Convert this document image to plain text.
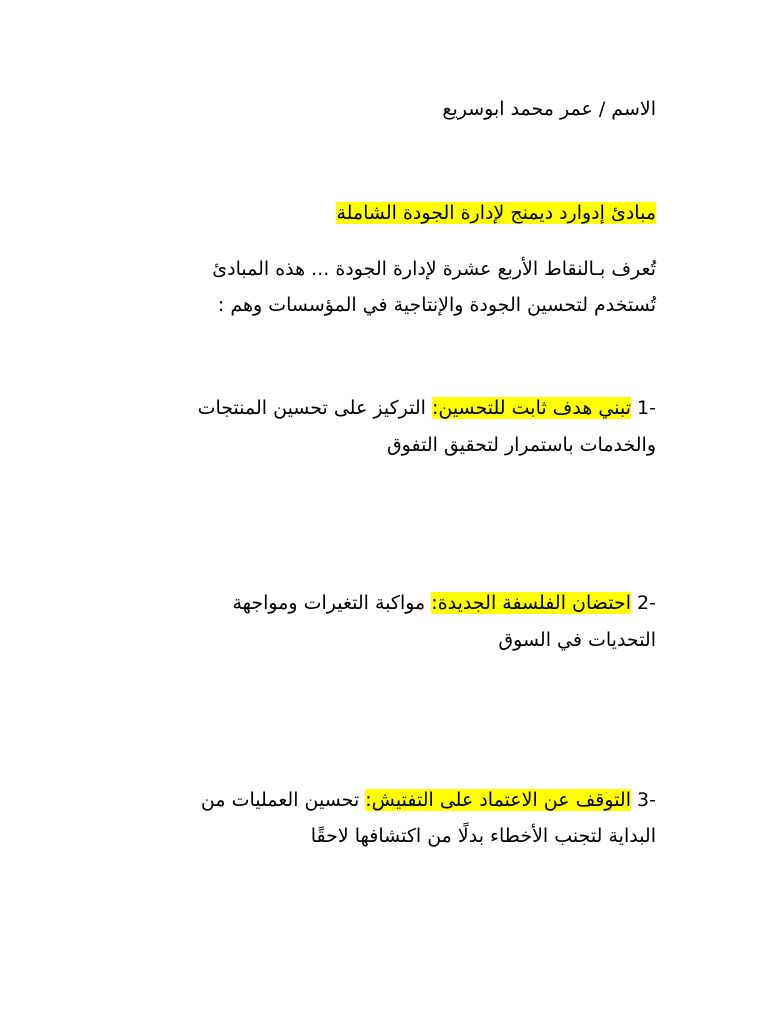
الاسم / عمر محمد ابوسريع
مبادئ إدوارد ديمنج لإدارة الجودة الشاملة
تُعرف بـالنقاط الأربع عشرة لإدارة الجودة ... هذه المبادئ
تُستخدم لتحسين الجودة والإنتاجية في المؤسسات وهم :
1- تبني هدف ثابت للتحسين: التركيز على تحسين المنتجات
والخدمات باستمرار لتحقيق التفوق
2- احتضان الفلسفة الجديدة: مواكبة التغيرات ومواجهة
التحديات في السوق
3- التوقف عن الاعتماد على التفتيش: تحسين العمليات من
البداية لتجنب الأخطاء بدلًا من اكتشافها لاحقًا
